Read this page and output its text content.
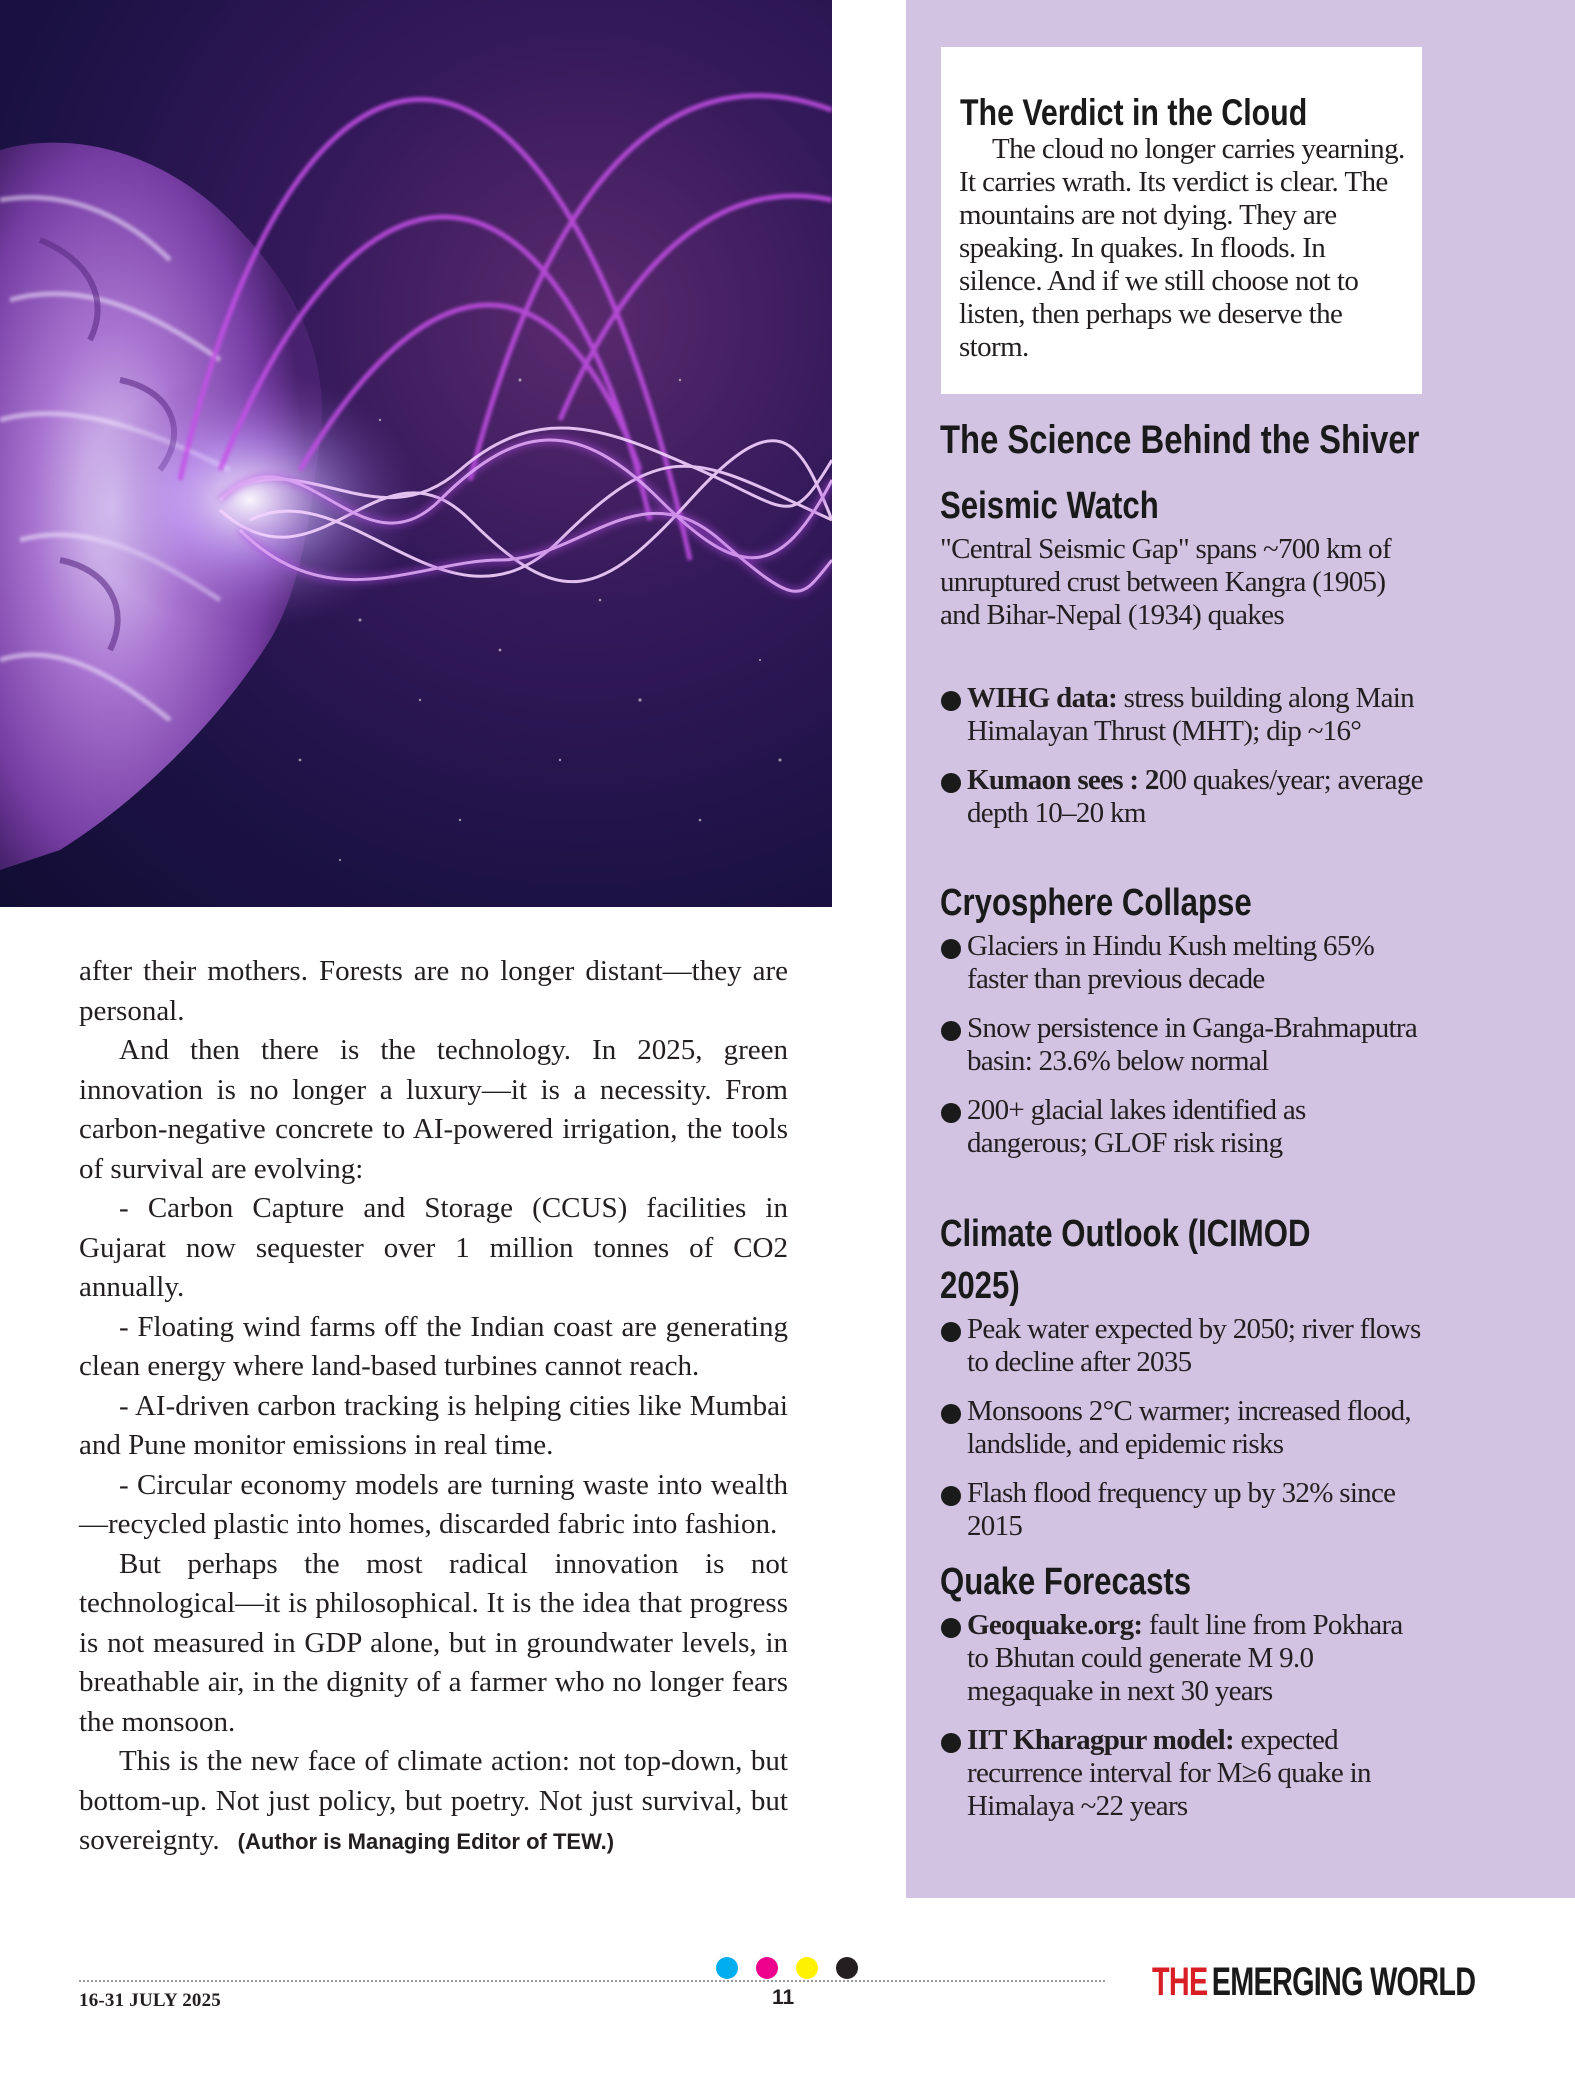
after their mothers. Forests are no longer distant—they are personal.

And then there is the technology. In 2025, green innovation is no longer a luxury—it is a necessity. From carbon-negative concrete to AI-powered irrigation, the tools of survival are evolving:

- Carbon Capture and Storage (CCUS) facilities in Gujarat now sequester over 1 million tonnes of CO2 annually.

- Floating wind farms off the Indian coast are generating clean energy where land-based turbines cannot reach.

- AI-driven carbon tracking is helping cities like Mumbai and Pune monitor emissions in real time.

- Circular economy models are turning waste into wealth—recycled plastic into homes, discarded fabric into fashion.

But perhaps the most radical innovation is not technological—it is philosophical. It is the idea that progress is not measured in GDP alone, but in groundwater levels, in breathable air, in the dignity of a farmer who no longer fears the monsoon.

This is the new face of climate action: not top-down, but bottom-up. Not just policy, but poetry. Not just survival, but sovereignty. (Author is Managing Editor of TEW.)

The Verdict in the Cloud
The cloud no longer carries yearning. It carries wrath. Its verdict is clear. The mountains are not dying. They are speaking. In quakes. In floods. In silence. And if we still choose not to listen, then perhaps we deserve the storm.
The Science Behind the Shiver
Seismic Watch
"Central Seismic Gap" spans ~700 km of unruptured crust between Kangra (1905) and Bihar-Nepal (1934) quakes
WIHG data: stress building along Main Himalayan Thrust (MHT); dip ~16°
Kumaon sees : 200 quakes/year; average depth 10–20 km
Cryosphere Collapse
Glaciers in Hindu Kush melting 65% faster than previous decade
Snow persistence in Ganga-Brahmaputra basin: 23.6% below normal
200+ glacial lakes identified as dangerous; GLOF risk rising
Climate Outlook (ICIMOD
2025)
Peak water expected by 2050; river flows to decline after 2035
Monsoons 2°C warmer; increased flood, landslide, and epidemic risks
Flash flood frequency up by 32% since 2015
Quake Forecasts
Geoquake.org: fault line from Pokhara to Bhutan could generate M 9.0 megaquake in next 30 years
IIT Kharagpur model: expected recurrence interval for M≥6 quake in Himalaya ~22 years
16-31 JULY 2025	11	THE EMERGING WORLD
